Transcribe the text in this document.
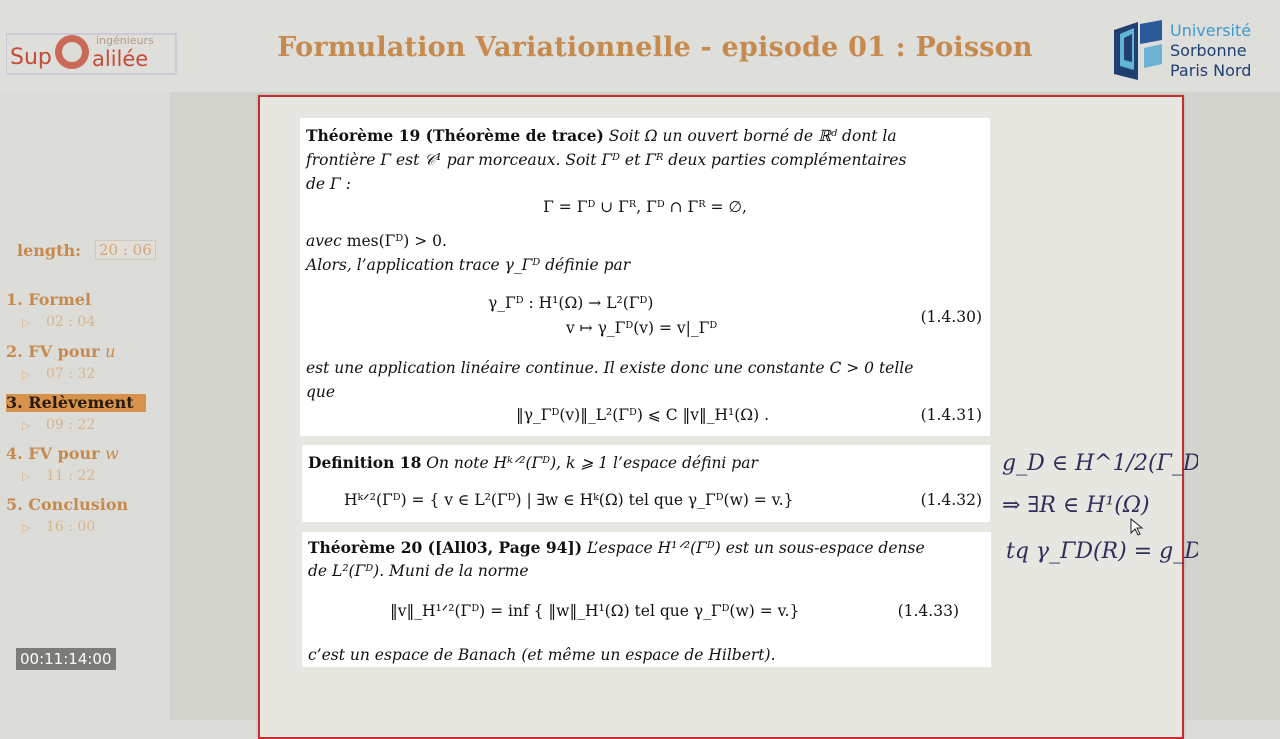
Sup alilée
ingénieurs	Formulation Variationnelle - episode 01 : Poisson
Université
Sorbonne
Paris Nord
length: 20 : 06
1. Formel
▷ 02 : 04
2. FV pour u
▷ 07 : 32
3. Relèvement
▷ 09 : 22
4. FV pour w
▷ 11 : 22
5. Conclusion
▷ 16 : 00
00:11:14:00
Théorème 19 (Théorème de trace) Soit Ω un ouvert borné de ℝᵈ dont la
frontière Γ est 𝒞¹ par morceaux. Soit Γᴰ et Γᴿ deux parties complémentaires
de Γ :
Γ = Γᴰ ∪ Γᴿ, Γᴰ ∩ Γᴿ = ∅,
avec mes(Γᴰ) > 0.
Alors, l’application trace γ_Γᴰ définie par
γ_Γᴰ : H¹(Ω) → L²(Γᴰ)
v ↦ γ_Γᴰ(v) = v|_Γᴰ
(1.4.30)
est une application linéaire continue. Il existe donc une constante C > 0 telle
que
‖γ_Γᴰ(v)‖_L²(Γᴰ) ⩽ C ‖v‖_H¹(Ω) .	(1.4.31)
Definition 18 On note Hᵏᐟ²(Γᴰ), k ⩾ 1 l’espace défini par
Hᵏᐟ²(Γᴰ) = { v ∈ L²(Γᴰ) | ∃w ∈ Hᵏ(Ω) tel que γ_Γᴰ(w) = v.}	(1.4.32)
Théorème 20 ([All03, Page 94]) L’espace H¹ᐟ²(Γᴰ) est un sous-espace dense
de L²(Γᴰ). Muni de la norme
‖v‖_H¹ᐟ²(Γᴰ) = inf { ‖w‖_H¹(Ω) tel que γ_Γᴰ(w) = v.}	(1.4.33)
c’est un espace de Banach (et même un espace de Hilbert).
g_D ∈ H^1/2(Γ_D)
⇒ ∃R ∈ H¹(Ω)
tq γ_ΓD(R) = g_D
